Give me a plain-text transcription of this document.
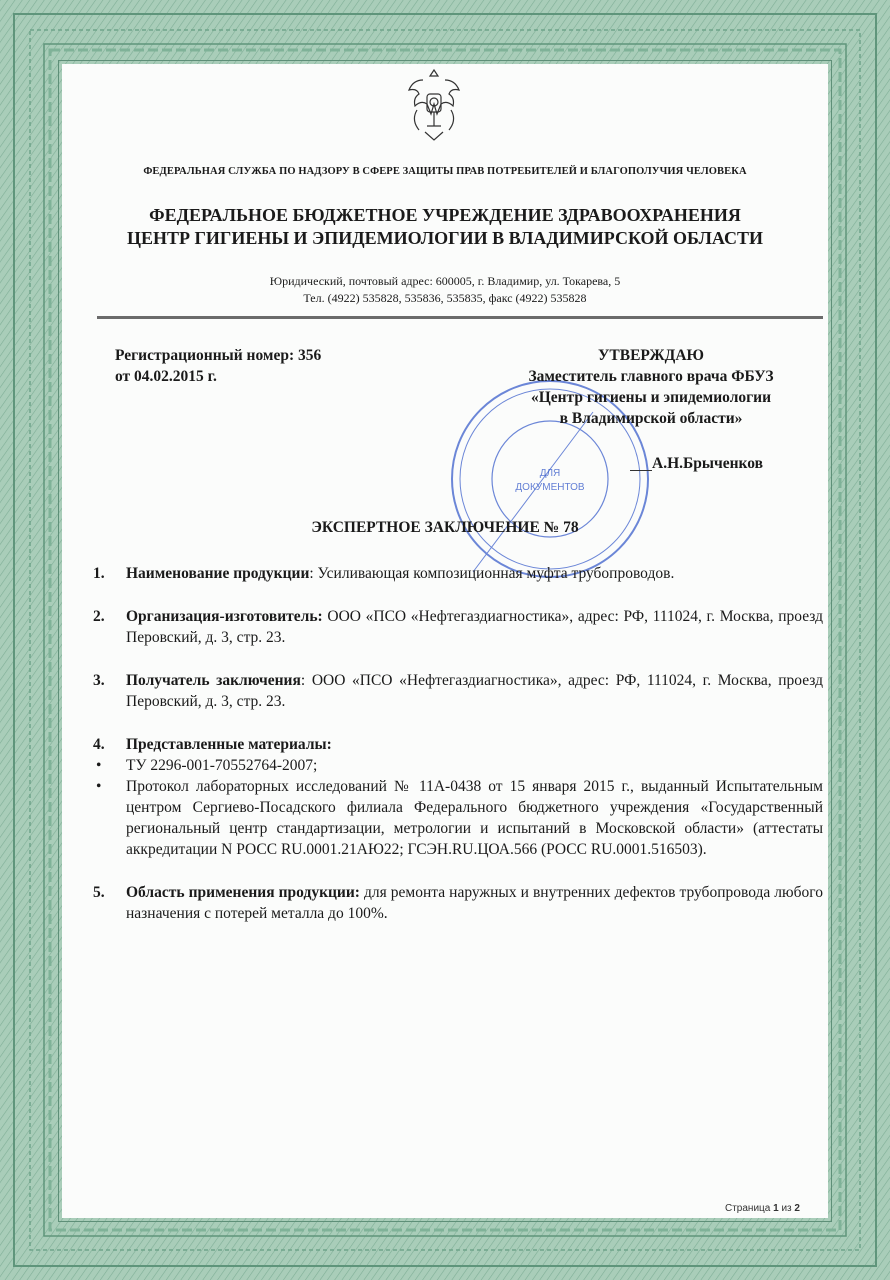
ФЕДЕРАЛЬНАЯ СЛУЖБА ПО НАДЗОРУ В СФЕРЕ ЗАЩИТЫ ПРАВ ПОТРЕБИТЕЛЕЙ И БЛАГОПОЛУЧИЯ ЧЕЛОВЕКА
ФЕДЕРАЛЬНОЕ БЮДЖЕТНОЕ УЧРЕЖДЕНИЕ ЗДРАВООХРАНЕНИЯ
ЦЕНТР ГИГИЕНЫ И ЭПИДЕМИОЛОГИИ В ВЛАДИМИРСКОЙ ОБЛАСТИ
Юридический, почтовый адрес: 600005, г. Владимир, ул. Токарева, 5
Тел. (4922) 535828, 535836, 535835, факс (4922) 535828
Регистрационный номер: 356
от 04.02.2015 г.
ДЛЯ
ДОКУМЕНТОВ
УТВЕРЖДАЮ
Заместитель главного врача ФБУЗ
«Центр гигиены и эпидемиологии
в Владимирской области»
А.Н.Брыченков
ЭКСПЕРТНОЕ ЗАКЛЮЧЕНИЕ № 78
1. Наименование продукции: Усиливающая композиционная муфта трубопроводов.
2. Организация-изготовитель: ООО «ПСО «Нефтегаздиагностика», адрес: РФ, 111024, г. Москва, проезд Перовский, д. 3, стр. 23.
3. Получатель заключения: ООО «ПСО «Нефтегаздиагностика», адрес: РФ, 111024, г. Москва, проезд Перовский, д. 3, стр. 23.
4. Представленные материалы:
• ТУ 2296-001-70552764-2007;
• Протокол лабораторных исследований № 11А-0438 от 15 января 2015 г., выданный Испытательным центром Сергиево-Посадского филиала Федерального бюджетного учреждения «Государственный региональный центр стандартизации, метрологии и испытаний в Московской области» (аттестаты аккредитации N РОСС RU.0001.21АЮ22; ГСЭН.RU.ЦОА.566 (РОСС RU.0001.516503).
5. Область применения продукции: для ремонта наружных и внутренних дефектов трубопровода любого назначения с потерей металла до 100%.
Страница 1 из 2
